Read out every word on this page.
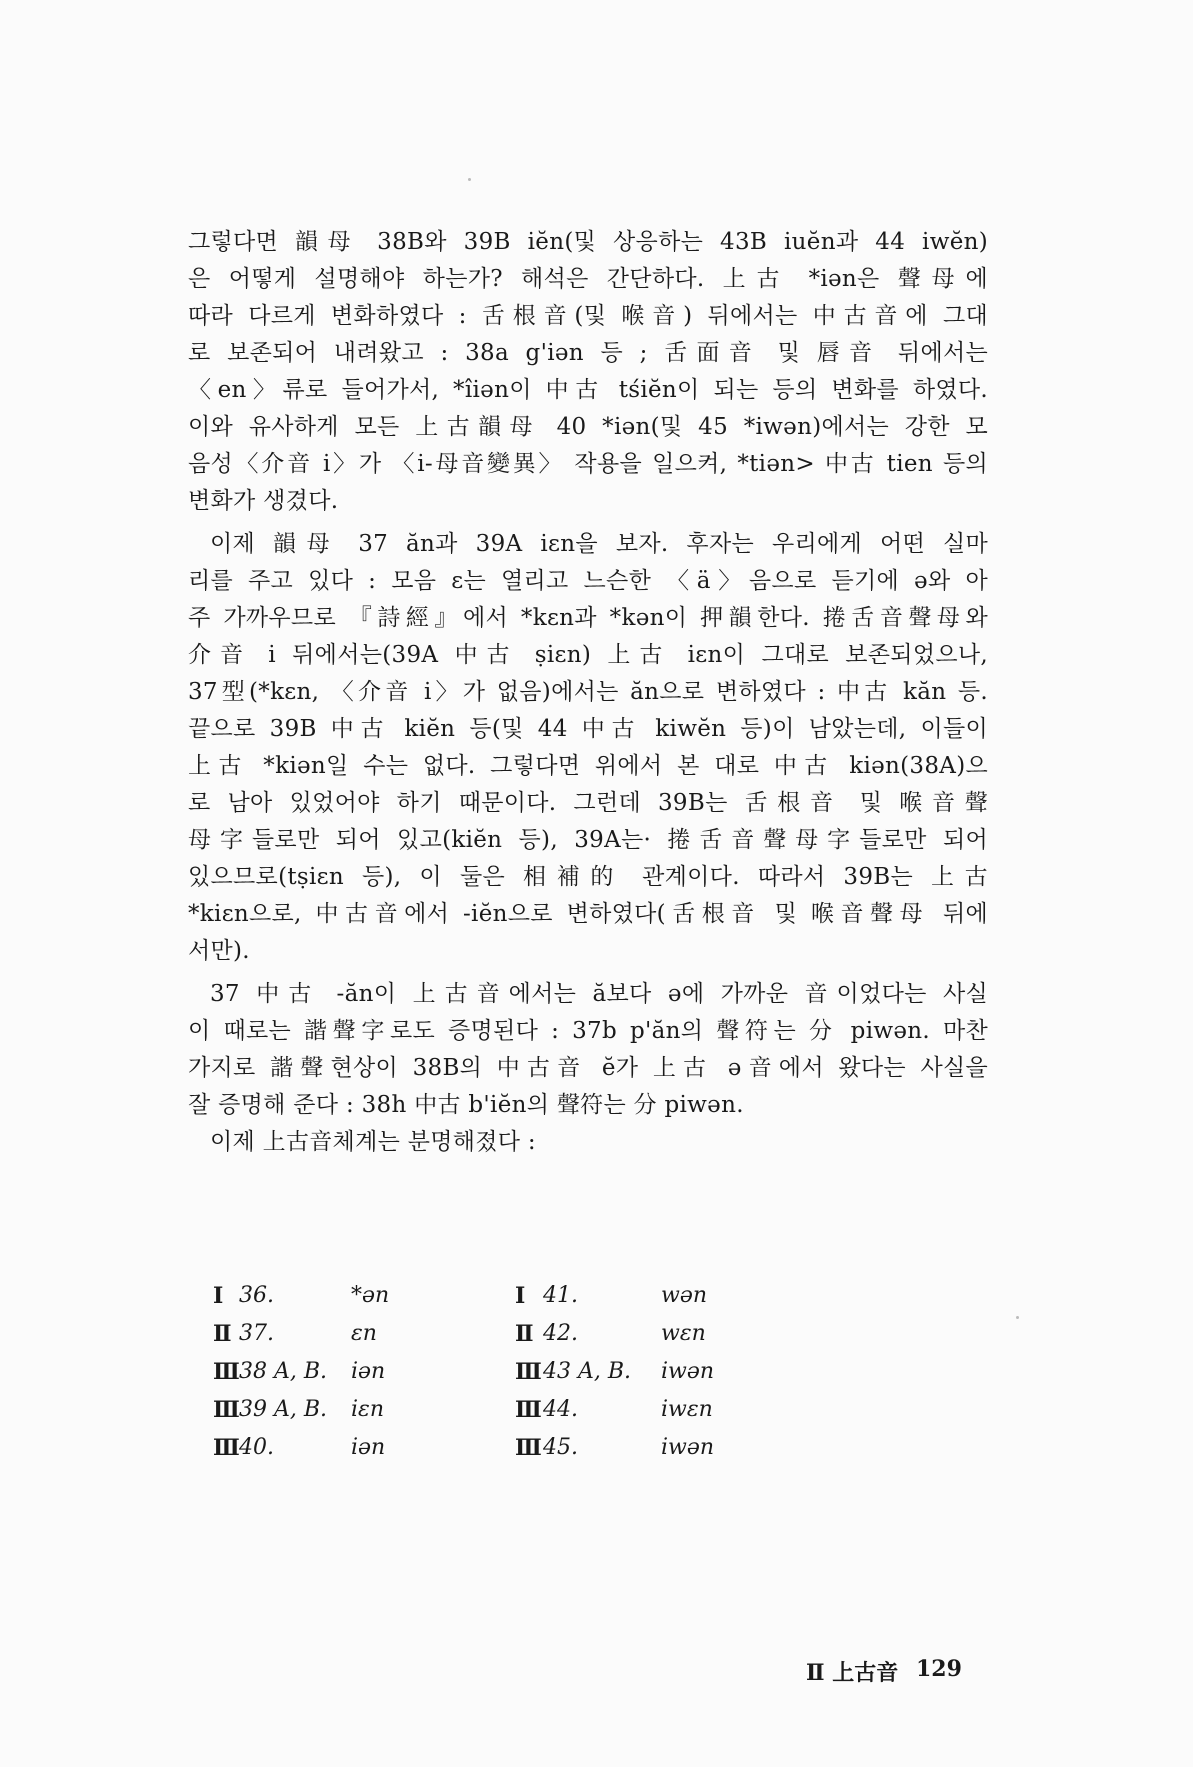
그렇다면 韻母 38B와 39B iĕn(및 상응하는 43B iuĕn과 44 iwĕn)
은 어떻게 설명해야 하는가? 해석은 간단하다. 上古 *iən은 聲母에
따라 다르게 변화하였다 : 舌根音(및 喉音) 뒤에서는 中古音에 그대
로 보존되어 내려왔고 : 38a g'iən 등 ; 舌面音 및 唇音 뒤에서는
〈en〉류로 들어가서, *îiən이 中古 tśiĕn이 되는 등의 변화를 하였다.
이와 유사하게 모든 上古韻母 40 *iən(및 45 *iwən)에서는 강한 모
음성〈介音 i〉가 〈i-母音變異〉 작용을 일으켜, *tiən> 中古 tien 등의
변화가 생겼다.
이제 韻母 37 ăn과 39A iεn을 보자. 후자는 우리에게 어떤 실마
리를 주고 있다 : 모음 ε는 열리고 느슨한 〈ä〉음으로 듣기에 ə와 아
주 가까우므로 『詩經』에서 *kεn과 *kən이 押韻한다. 捲舌音聲母와
介音 i 뒤에서는(39A 中古 ṣiεn) 上古 iεn이 그대로 보존되었으나,
37型(*kεn, 〈介音 i〉가 없음)에서는 ăn으로 변하였다 : 中古 kăn 등.
끝으로 39B 中古 kiĕn 등(및 44 中古 kiwĕn 등)이 남았는데, 이들이
上古 *kiən일 수는 없다. 그렇다면 위에서 본 대로 中古 kiən(38A)으
로 남아 있었어야 하기 때문이다. 그런데 39B는 舌根音 및 喉音聲
母字들로만 되어 있고(kiĕn 등), 39A는· 捲舌音聲母字들로만 되어
있으므로(tṣiεn 등), 이 둘은 相補的 관계이다. 따라서 39B는 上古
*kiεn으로, 中古音에서 -iĕn으로 변하였다(舌根音 및 喉音聲母 뒤에
서만).
37 中古 -ăn이 上古音에서는 ă보다 ə에 가까운 音이었다는 사실
이 때로는 諧聲字로도 증명된다 : 37b p'ăn의 聲符는 分 piwən. 마찬
가지로 諧聲현상이 38B의 中古音 ĕ가 上古 ə音에서 왔다는 사실을
잘 증명해 준다 : 38h 中古 b'iĕn의 聲符는 分 piwən.
이제 上古音체계는 분명해졌다 :
Ⅰ 36.	*ən	Ⅰ 41.	wən
Ⅱ 37.	εn	Ⅱ 42.	wεn
Ⅲ 38 A, B. iən	Ⅲ 43 A, B. iwən
Ⅲ 39 A, B. iεn	Ⅲ 44.	iwεn
Ⅲ 40.	iən	Ⅲ 45.	iwən
Ⅱ 上古音 129
